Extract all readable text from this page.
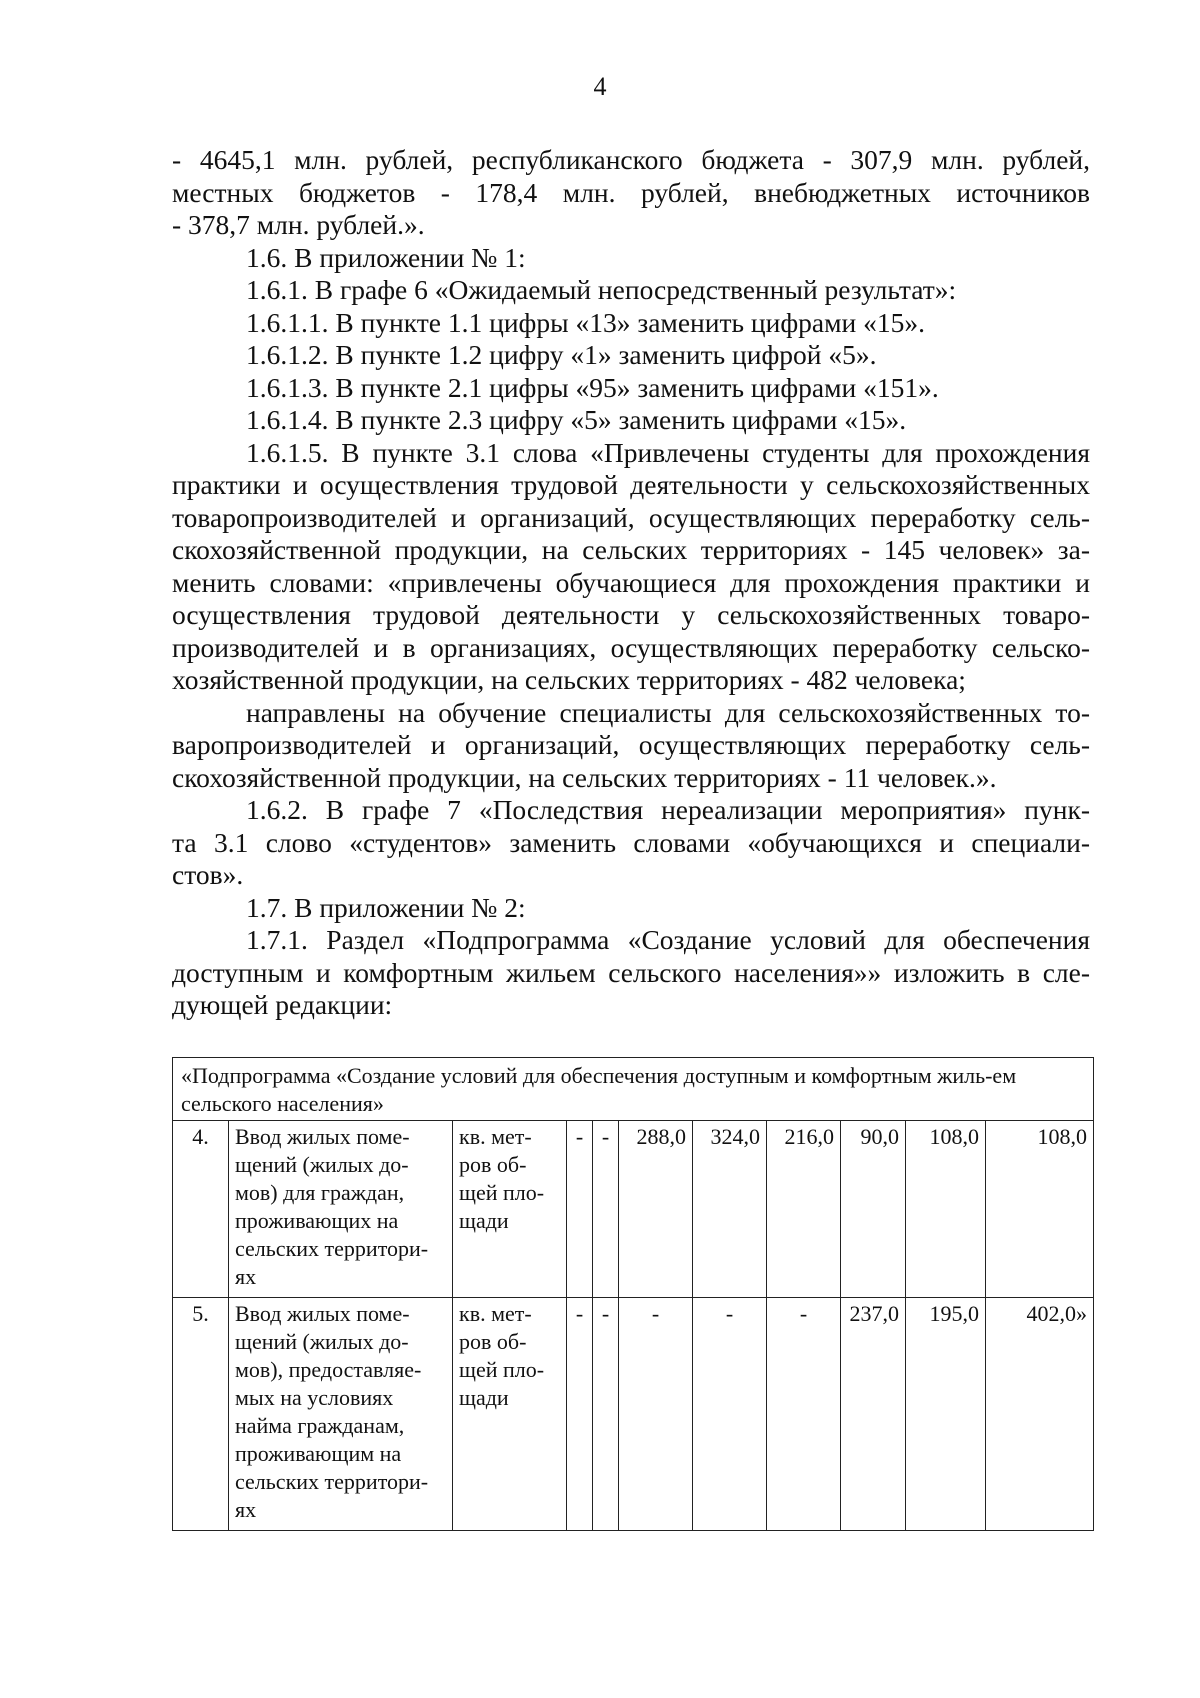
4

- 4645,1 млн. рублей, республиканского бюджета - 307,9 млн. рублей,
местных бюджетов - 178,4 млн. рублей, внебюджетных источников
- 378,7 млн. рублей.».

1.6. В приложении № 1:

1.6.1. В графе 6 «Ожидаемый непосредственный результат»:

1.6.1.1. В пункте 1.1 цифры «13» заменить цифрами «15».

1.6.1.2. В пункте 1.2 цифру «1» заменить цифрой «5».

1.6.1.3. В пункте 2.1 цифры «95» заменить цифрами «151».

1.6.1.4. В пункте 2.3 цифру «5» заменить цифрами «15».

1.6.1.5. В пункте 3.1 слова «Привлечены студенты для прохождения
практики и осуществления трудовой деятельности у сельскохозяйственных
товаропроизводителей и организаций, осуществляющих переработку сель-
скохозяйственной продукции, на сельских территориях - 145 человек» за-
менить словами: «привлечены обучающиеся для прохождения практики и
осуществления трудовой деятельности у сельскохозяйственных товаро-
производителей и в организациях, осуществляющих переработку сельско-
хозяйственной продукции, на сельских территориях - 482 человека;

направлены на обучение специалисты для сельскохозяйственных то-
варопроизводителей и организаций, осуществляющих переработку сель-
скохозяйственной продукции, на сельских территориях - 11 человек.».

1.6.2. В графе 7 «Последствия нереализации мероприятия» пунк-
та 3.1 слово «студентов» заменить словами «обучающихся и специали-
стов».

1.7. В приложении № 2:

1.7.1. Раздел «Подпрограмма «Создание условий для обеспечения
доступным и комфортным жильем сельского населения»» изложить в сле-
дующей редакции:

«Подпрограмма «Создание условий для обеспечения доступным и комфортным жиль-ем сельского населения»										
4.	Ввод жилых поме-щений (жилых до-мов) для граждан, проживающих на сельских территори-ях	кв. мет-ров об-щей пло-щади	-	-	288,0	324,0	216,0	90,0	108,0	108,0
5.	Ввод жилых поме-щений (жилых до-мов), предоставляе-мых на условиях найма гражданам, проживающим на сельских территори-ях	кв. мет-ров об-щей пло-щади	-	-	-	-	-	237,0	195,0	402,0»
